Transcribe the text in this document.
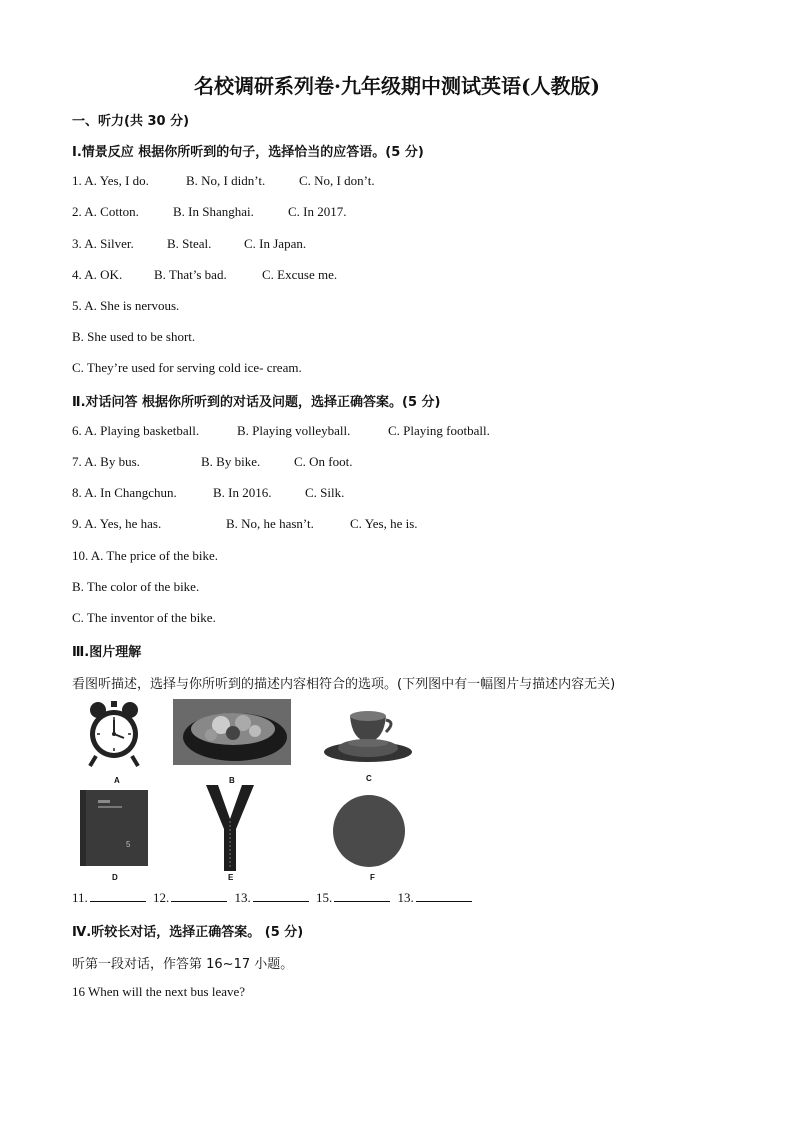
名校调研系列卷·九年级期中测试英语(人教版)
一、听力(共 30 分)
Ⅰ.情景反应 根据你所听到的句子，选择恰当的应答语。(5 分)
1. A. Yes, I do.	B. No, I didn’t.	C. No, I don’t.
2. A. Cotton.	B. In Shanghai.	C. In 2017.
3. A. Silver.	B. Steal.	C. In Japan.
4. A. OK. B. That’s bad.	C. Excuse me.
5. A. She is nervous.
B. She used to be short.
C. They’re used for serving cold ice- cream.
Ⅱ.对话问答 根据你所听到的对话及问题，选择正确答案。(5 分)
6. A. Playing basketball.	B. Playing volleyball.	C. Playing football.
7. A. By bus.	B. By bike.	C. On foot.
8. A. In Changchun.	B. In 2016.	C. Silk.
9. A. Yes, he has.	B. No, he hasn’t.	C. Yes, he is.
10. A. The price of the bike.
B. The color of the bike.
C. The inventor of the bike.
Ⅲ.图片理解
看图听描述，选择与你所听到的描述内容相符合的选项。(下列图中有一幅图片与描述内容无关)
A	B	C
5
D	E	F
11.	12.	13.	15.	13.
Ⅳ.听较长对话，选择正确答案。 (5 分)
听第一段对话，作答第 16~17 小题。
16 When will the next bus leave?
